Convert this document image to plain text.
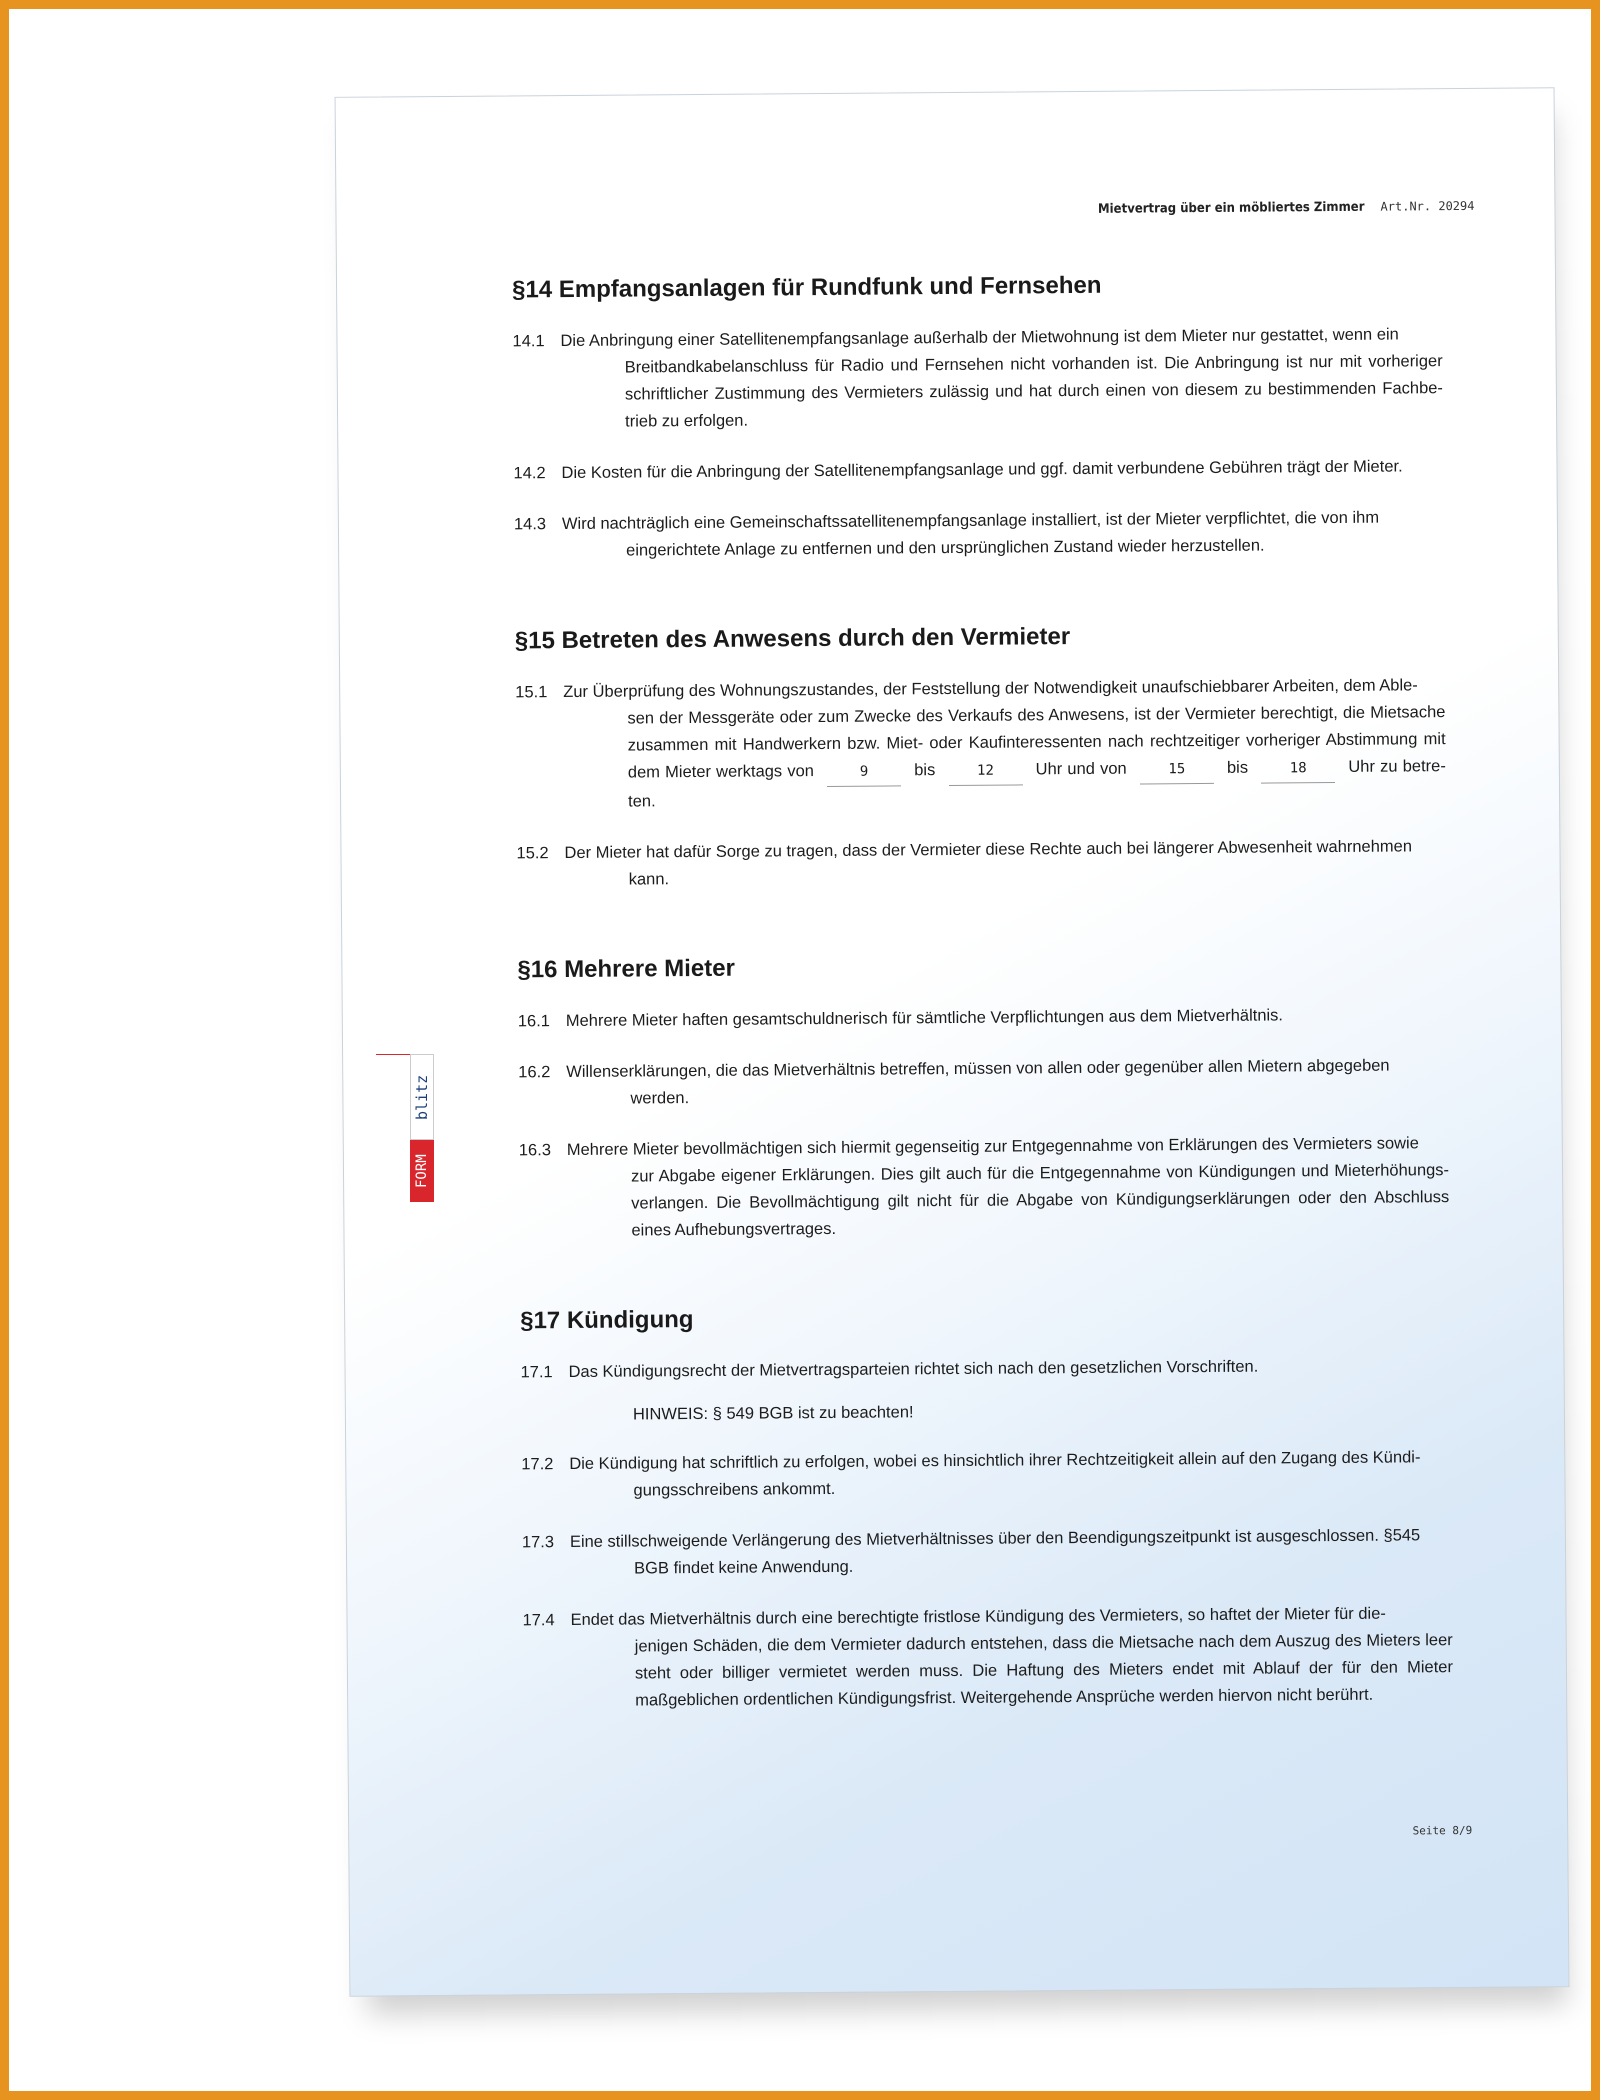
Mietvertrag über ein möbliertes Zimmer Art.Nr. 20294
§14 Empfangsanlagen für Rundfunk und Fernsehen
14.1 Die Anbringung einer Satellitenempfangsanlage außerhalb der Mietwohnung ist dem Mieter nur gestattet, wenn ein
Breitbandkabelanschluss für Radio und Fernsehen nicht vorhanden ist. Die Anbringung ist nur mit vorheriger schriftlicher Zustimmung des Vermieters zulässig und hat durch einen von diesem zu bestimmenden Fachbe-trieb zu erfolgen.
14.2 Die Kosten für die Anbringung der Satellitenempfangsanlage und ggf. damit verbundene Gebühren trägt der Mieter.
14.3 Wird nachträglich eine Gemeinschaftssatellitenempfangsanlage installiert, ist der Mieter verpflichtet, die von ihm
eingerichtete Anlage zu entfernen und den ursprünglichen Zustand wieder herzustellen.
§15 Betreten des Anwesens durch den Vermieter
15.1 Zur Überprüfung des Wohnungszustandes, der Feststellung der Notwendigkeit unaufschiebbarer Arbeiten, dem Able-
sen der Messgeräte oder zum Zwecke des Verkaufs des Anwesens, ist der Vermieter berechtigt, die Mietsache zusammen mit Handwerkern bzw. Miet- oder Kaufinteressenten nach rechtzeitiger vorheriger Abstimmung mit dem Mieter werktags von	9	bis	12	Uhr und von	15	bis	18	Uhr zu betre- ten.
15.2 Der Mieter hat dafür Sorge zu tragen, dass der Vermieter diese Rechte auch bei längerer Abwesenheit wahrnehmen
kann.
§16 Mehrere Mieter
16.1 Mehrere Mieter haften gesamtschuldnerisch für sämtliche Verpflichtungen aus dem Mietverhältnis.
16.2 Willenserklärungen, die das Mietverhältnis betreffen, müssen von allen oder gegenüber allen Mietern abgegeben
werden.
16.3 Mehrere Mieter bevollmächtigen sich hiermit gegenseitig zur Entgegennahme von Erklärungen des Vermieters sowie
zur Abgabe eigener Erklärungen. Dies gilt auch für die Entgegennahme von Kündigungen und Mieterhöhungs-verlangen. Die Bevollmächtigung gilt nicht für die Abgabe von Kündigungserklärungen oder den Abschluss eines Aufhebungsvertrages.
§17 Kündigung
17.1 Das Kündigungsrecht der Mietvertragsparteien richtet sich nach den gesetzlichen Vorschriften.
HINWEIS: § 549 BGB ist zu beachten!
17.2 Die Kündigung hat schriftlich zu erfolgen, wobei es hinsichtlich ihrer Rechtzeitigkeit allein auf den Zugang des Kündi-
gungsschreibens ankommt.
17.3 Eine stillschweigende Verlängerung des Mietverhältnisses über den Beendigungszeitpunkt ist ausgeschlossen. §545
BGB findet keine Anwendung.
17.4 Endet das Mietverhältnis durch eine berechtigte fristlose Kündigung des Vermieters, so haftet der Mieter für die-
jenigen Schäden, die dem Vermieter dadurch entstehen, dass die Mietsache nach dem Auszug des Mieters leer steht oder billiger vermietet werden muss. Die Haftung des Mieters endet mit Ablauf der für den Mieter maßgeblichen ordentlichen Kündigungsfrist. Weitergehende Ansprüche werden hiervon nicht berührt.
Seite 8/9
FORM
blitz
